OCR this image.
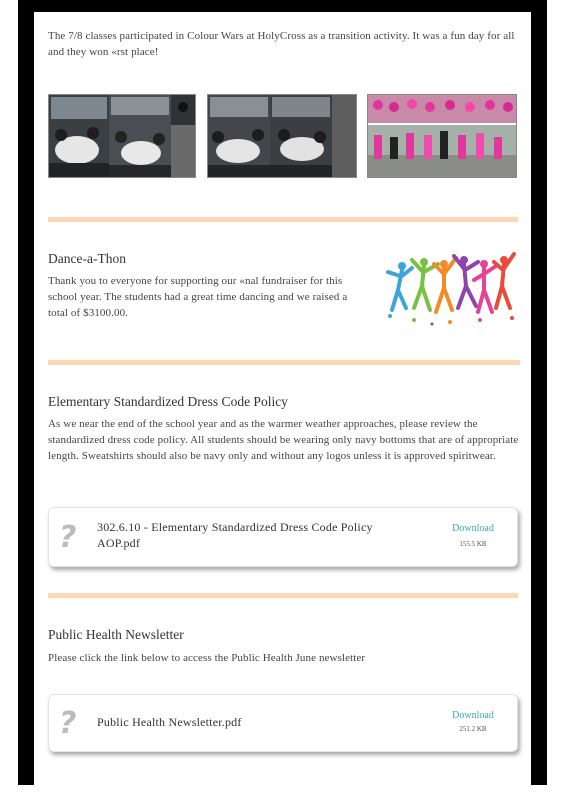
The 7/8 classes participated in Colour Wars at HolyCross as a transition activity. It was a fun day for all and they won «rst place!
Dance-a-Thon
Thank you to everyone for supporting our «nal fundraiser for this school year. The students had a great time dancing and we raised a total of $3100.00.
Elementary Standardized Dress Code Policy
As we near the end of the school year and as the warmer weather approaches, please review the standardized dress code policy. All students should be wearing only navy bottoms that are of appropriate length. Sweatshirts should also be navy only and without any logos unless it is approved spiritwear.
? 302.6.10 - Elementary Standardized Dress Code Policy AOP.pdf
Download
155.5 KB
Public Health Newsletter
Please click the link below to access the Public Health June newsletter
? Public Health Newsletter.pdf	Download
251.2 KB
